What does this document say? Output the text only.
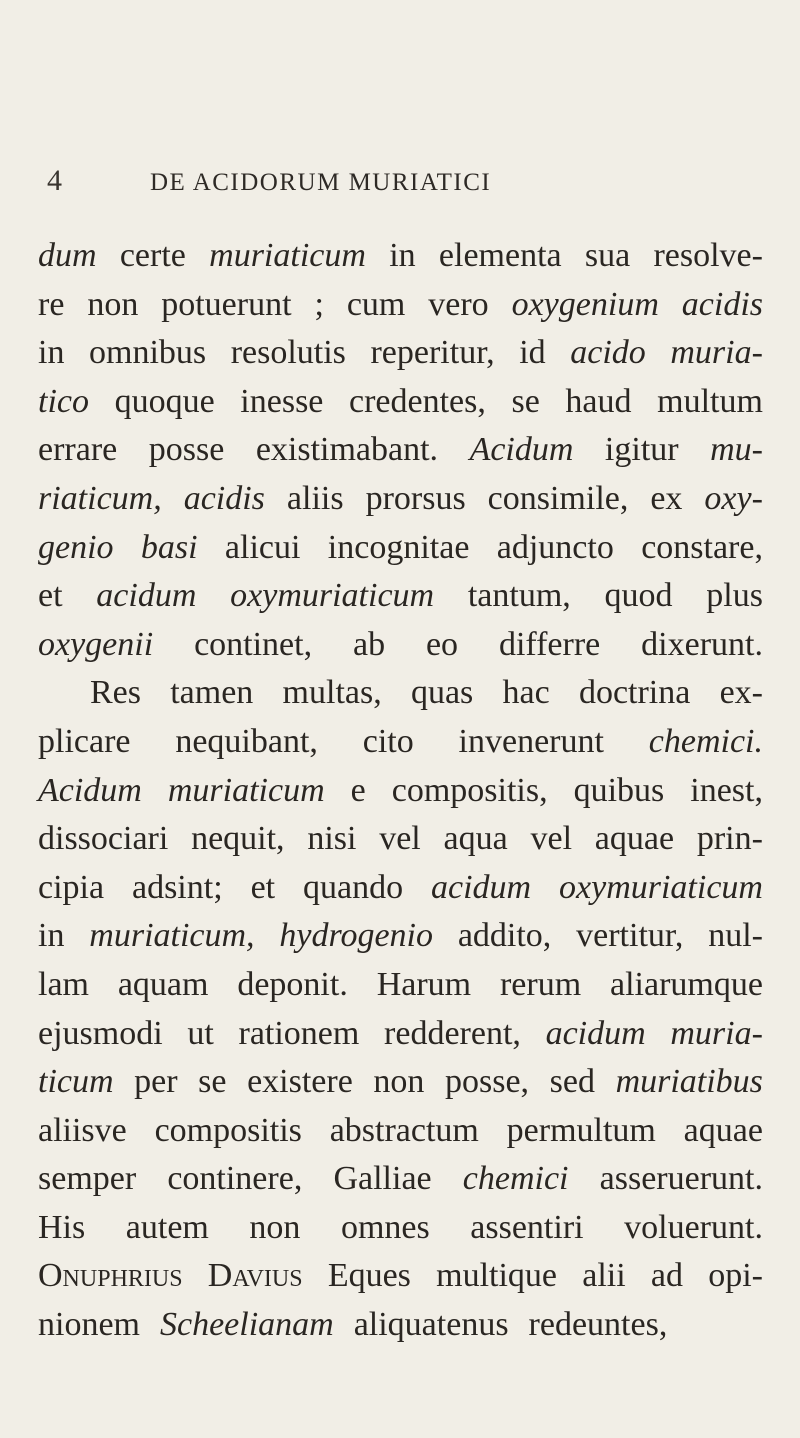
4	DE ACIDORUM MURIATICI
dum certe muriaticum in elementa sua resolve-
re non potuerunt ; cum vero oxygenium acidis
in omnibus resolutis reperitur, id acido muria-
tico quoque inesse credentes, se haud multum
errare posse existimabant. Acidum igitur mu-
riaticum, acidis aliis prorsus consimile, ex oxy-
genio basi alicui incognitae adjuncto constare,
et acidum oxymuriaticum tantum, quod plus
oxygenii continet, ab eo differre dixerunt.
Res tamen multas, quas hac doctrina ex-
plicare nequibant, cito invenerunt chemici.
Acidum muriaticum e compositis, quibus inest,
dissociari nequit, nisi vel aqua vel aquae prin-
cipia adsint; et quando acidum oxymuriaticum
in muriaticum, hydrogenio addito, vertitur, nul-
lam aquam deponit. Harum rerum aliarumque
ejusmodi ut rationem redderent, acidum muria-
ticum per se existere non posse, sed muriatibus
aliisve compositis abstractum permultum aquae
semper continere, Galliae chemici asseruerunt.
His autem non omnes assentiri voluerunt.
Onuphrius Davius Eques multique alii ad opi-
nionem Scheelianam aliquatenus redeuntes,
